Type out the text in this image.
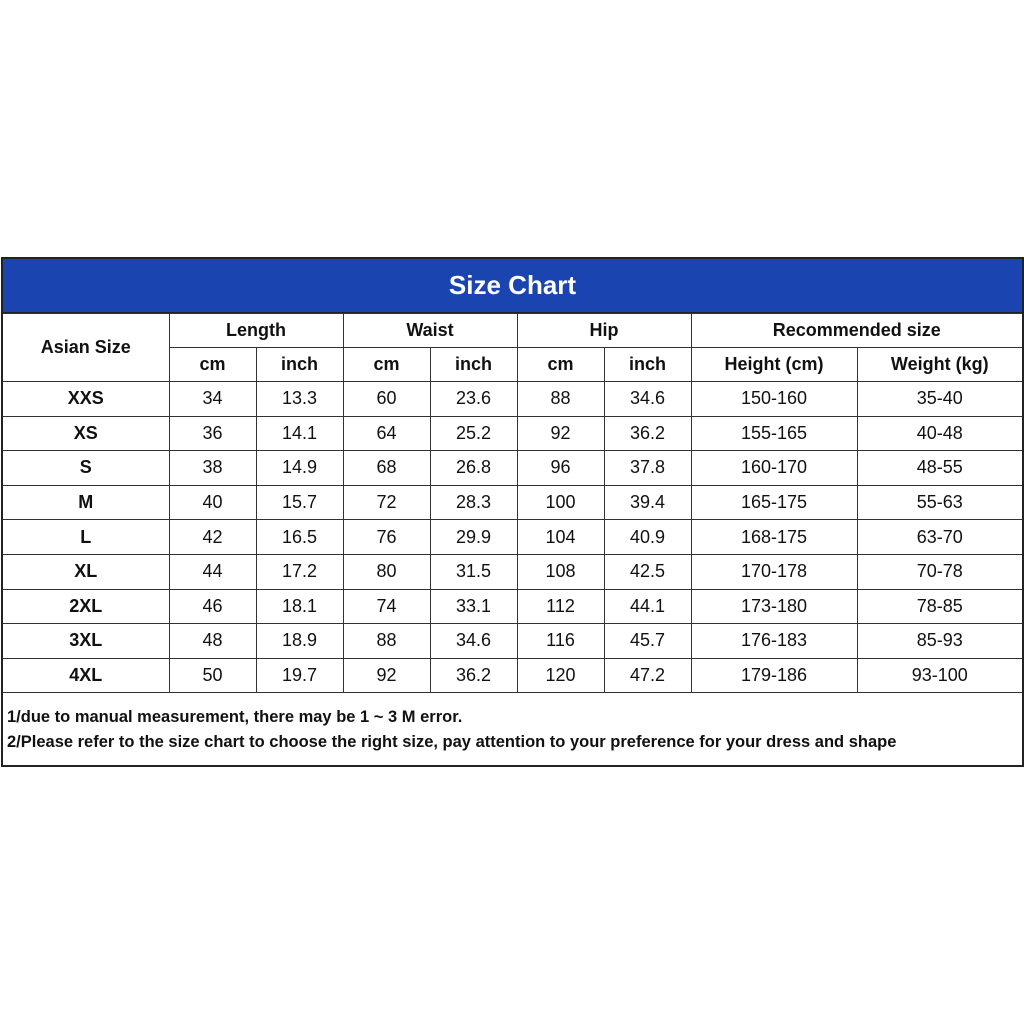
Size Chart
Asian Size	Length		Waist		Hip		Recommended size	
	cm	inch	cm	inch	cm	inch	Height (cm)	Weight (kg)
XXS	34	13.3	60	23.6	88	34.6	150-160	35-40
XS	36	14.1	64	25.2	92	36.2	155-165	40-48
S	38	14.9	68	26.8	96	37.8	160-170	48-55
M	40	15.7	72	28.3	100	39.4	165-175	55-63
L	42	16.5	76	29.9	104	40.9	168-175	63-70
XL	44	17.2	80	31.5	108	42.5	170-178	70-78
2XL	46	18.1	74	33.1	112	44.1	173-180	78-85
3XL	48	18.9	88	34.6	116	45.7	176-183	85-93
4XL	50	19.7	92	36.2	120	47.2	179-186	93-100
1/due to manual measurement, there may be 1 ~ 3 M error.
2/Please refer to the size chart to choose the right size, pay attention to your preference for your dress and shape
